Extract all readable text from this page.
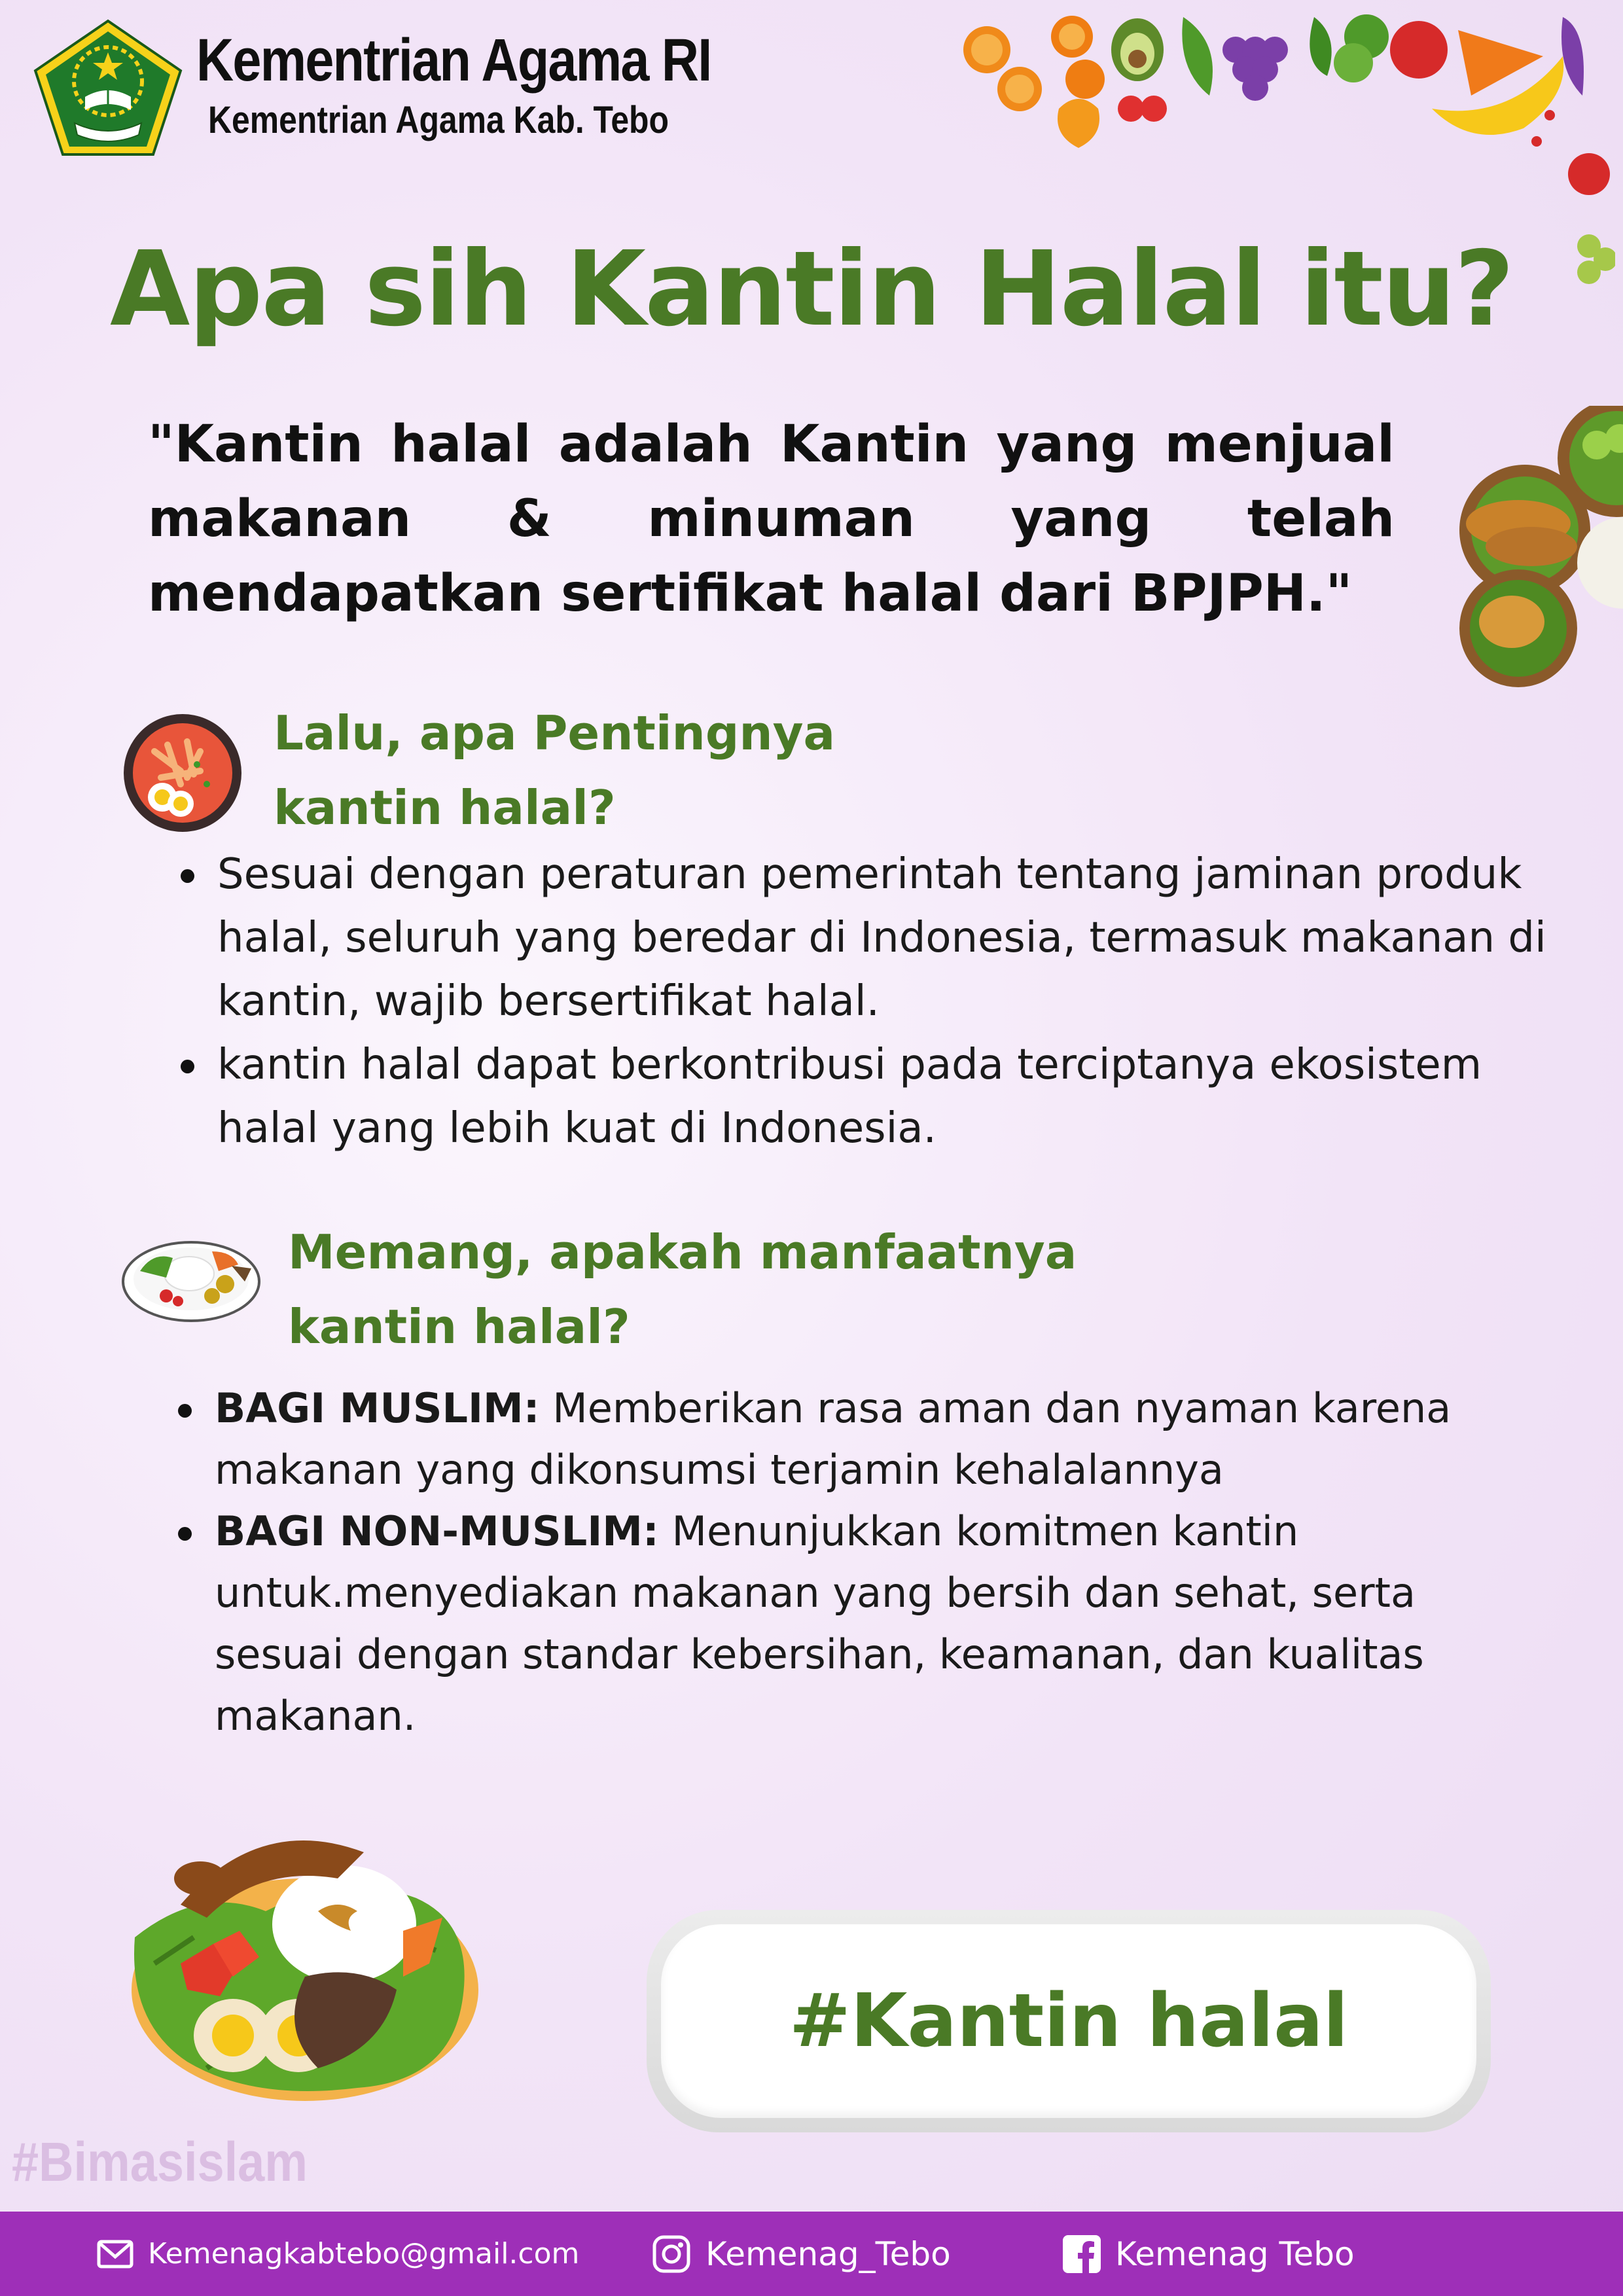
Kementrian Agama RI
Kementrian Agama Kab. Tebo
Apa sih Kantin Halal itu?
"Kantin halal adalah Kantin yang menjual makanan & minuman yang telah mendapatkan sertifikat halal dari BPJPH."
Lalu, apa Pentingnya
kantin halal?
Sesuai dengan peraturan pemerintah tentang jaminan produk halal, seluruh yang beredar di Indonesia, termasuk makanan di kantin, wajib bersertifikat halal.
kantin halal dapat berkontribusi pada terciptanya ekosistem halal yang lebih kuat di Indonesia.
Memang, apakah manfaatnya
kantin halal?
BAGI MUSLIM: Memberikan rasa aman dan nyaman karena makanan yang dikonsumsi terjamin kehalalannya
BAGI NON-MUSLIM: Menunjukkan komitmen kantin untuk.menyediakan makanan yang bersih dan sehat, serta sesuai dengan standar kebersihan, keamanan, dan kualitas makanan.
#Kantin halal
#Bimasislam
Kemenagkabtebo@gmail.com	Kemenag_Tebo	Kemenag Tebo
